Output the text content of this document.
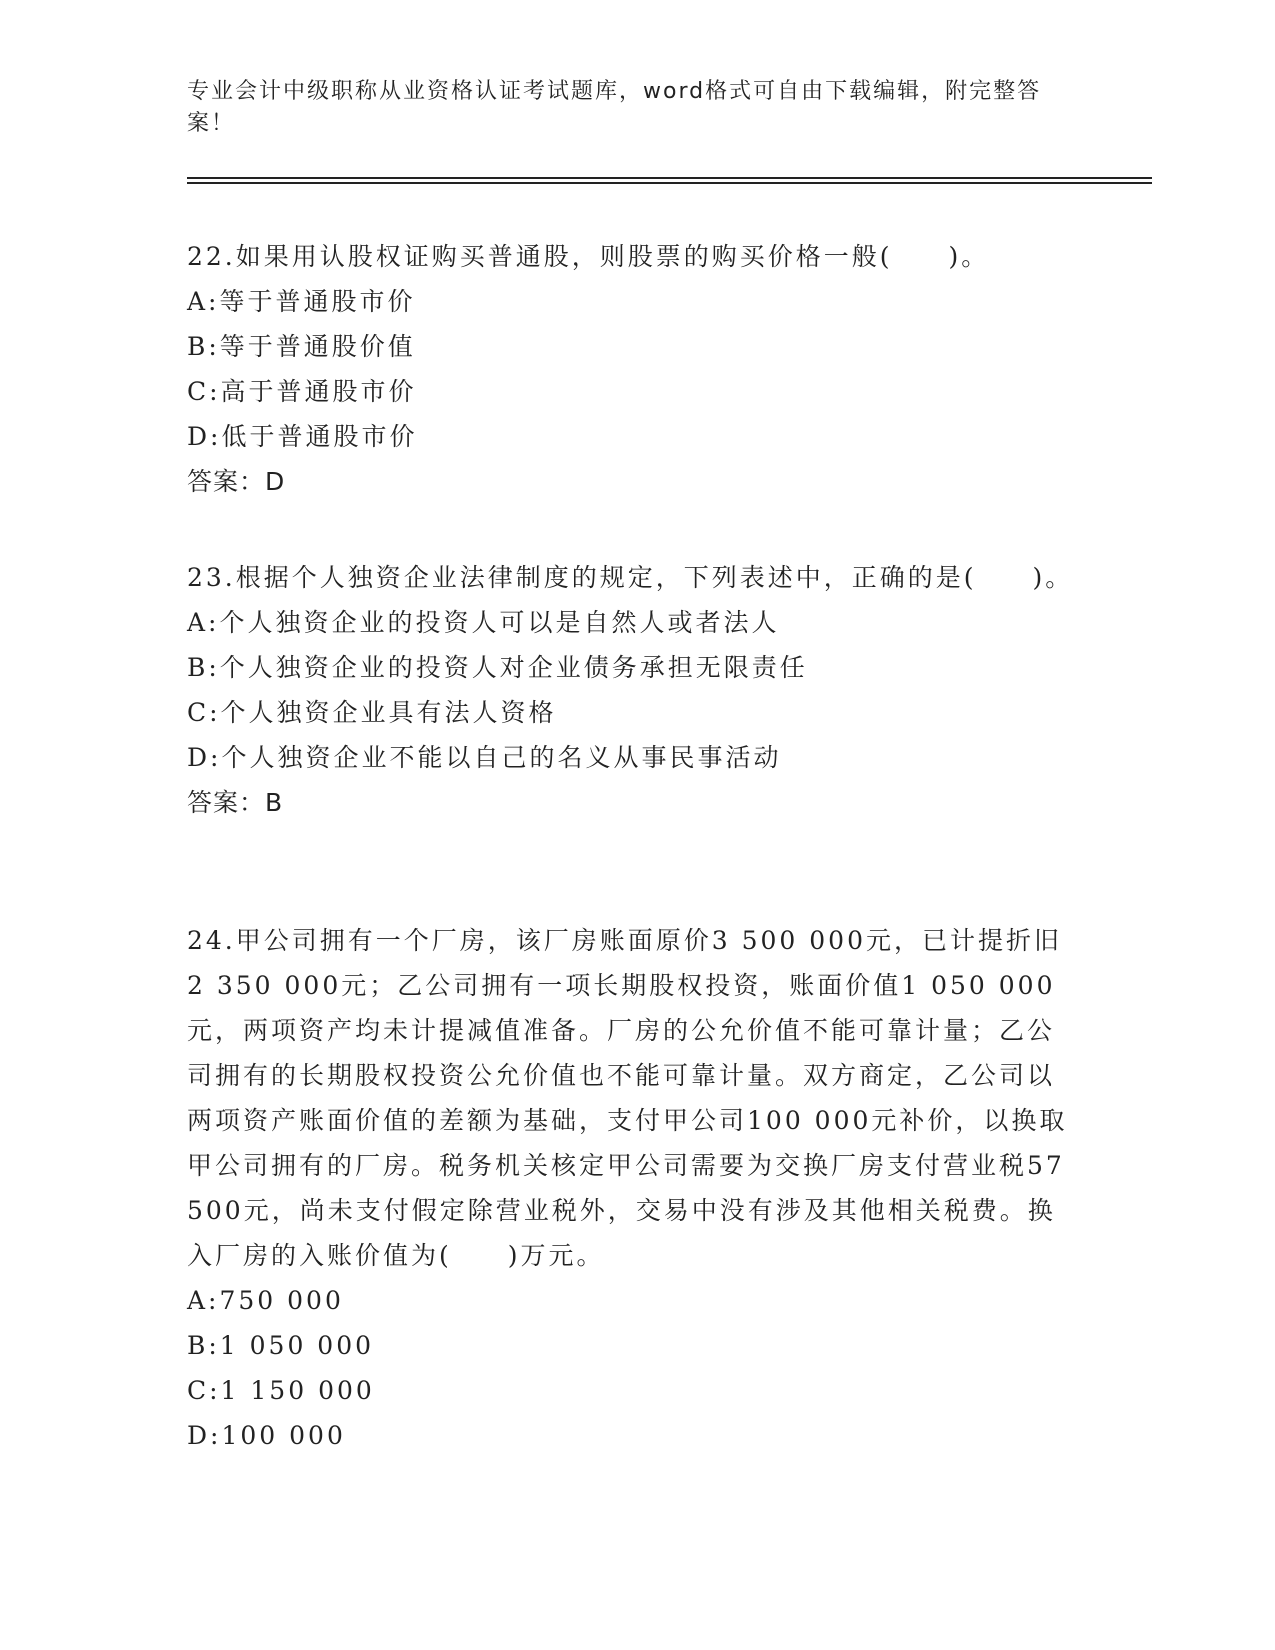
专业会计中级职称从业资格认证考试题库，word格式可自由下载编辑，附完整答案！

22.如果用认股权证购买普通股，则股票的购买价格一般(　　)。

A:等于普通股市价

B:等于普通股价值

C:高于普通股市价

D:低于普通股市价

答案：D

23.根据个人独资企业法律制度的规定，下列表述中，正确的是(　　)。

A:个人独资企业的投资人可以是自然人或者法人

B:个人独资企业的投资人对企业债务承担无限责任

C:个人独资企业具有法人资格

D:个人独资企业不能以自己的名义从事民事活动

答案：B

24.甲公司拥有一个厂房，该厂房账面原价3 500 000元，已计提折旧2 350 000元；乙公司拥有一项长期股权投资，账面价值1 050 000元，两项资产均未计提减值准备。厂房的公允价值不能可靠计量；乙公司拥有的长期股权投资公允价值也不能可靠计量。双方商定，乙公司以两项资产账面价值的差额为基础，支付甲公司100 000元补价，以换取甲公司拥有的厂房。税务机关核定甲公司需要为交换厂房支付营业税57 500元，尚未支付假定除营业税外，交易中没有涉及其他相关税费。换入厂房的入账价值为(　　)万元。

A:750 000

B:1 050 000

C:1 150 000

D:100 000
